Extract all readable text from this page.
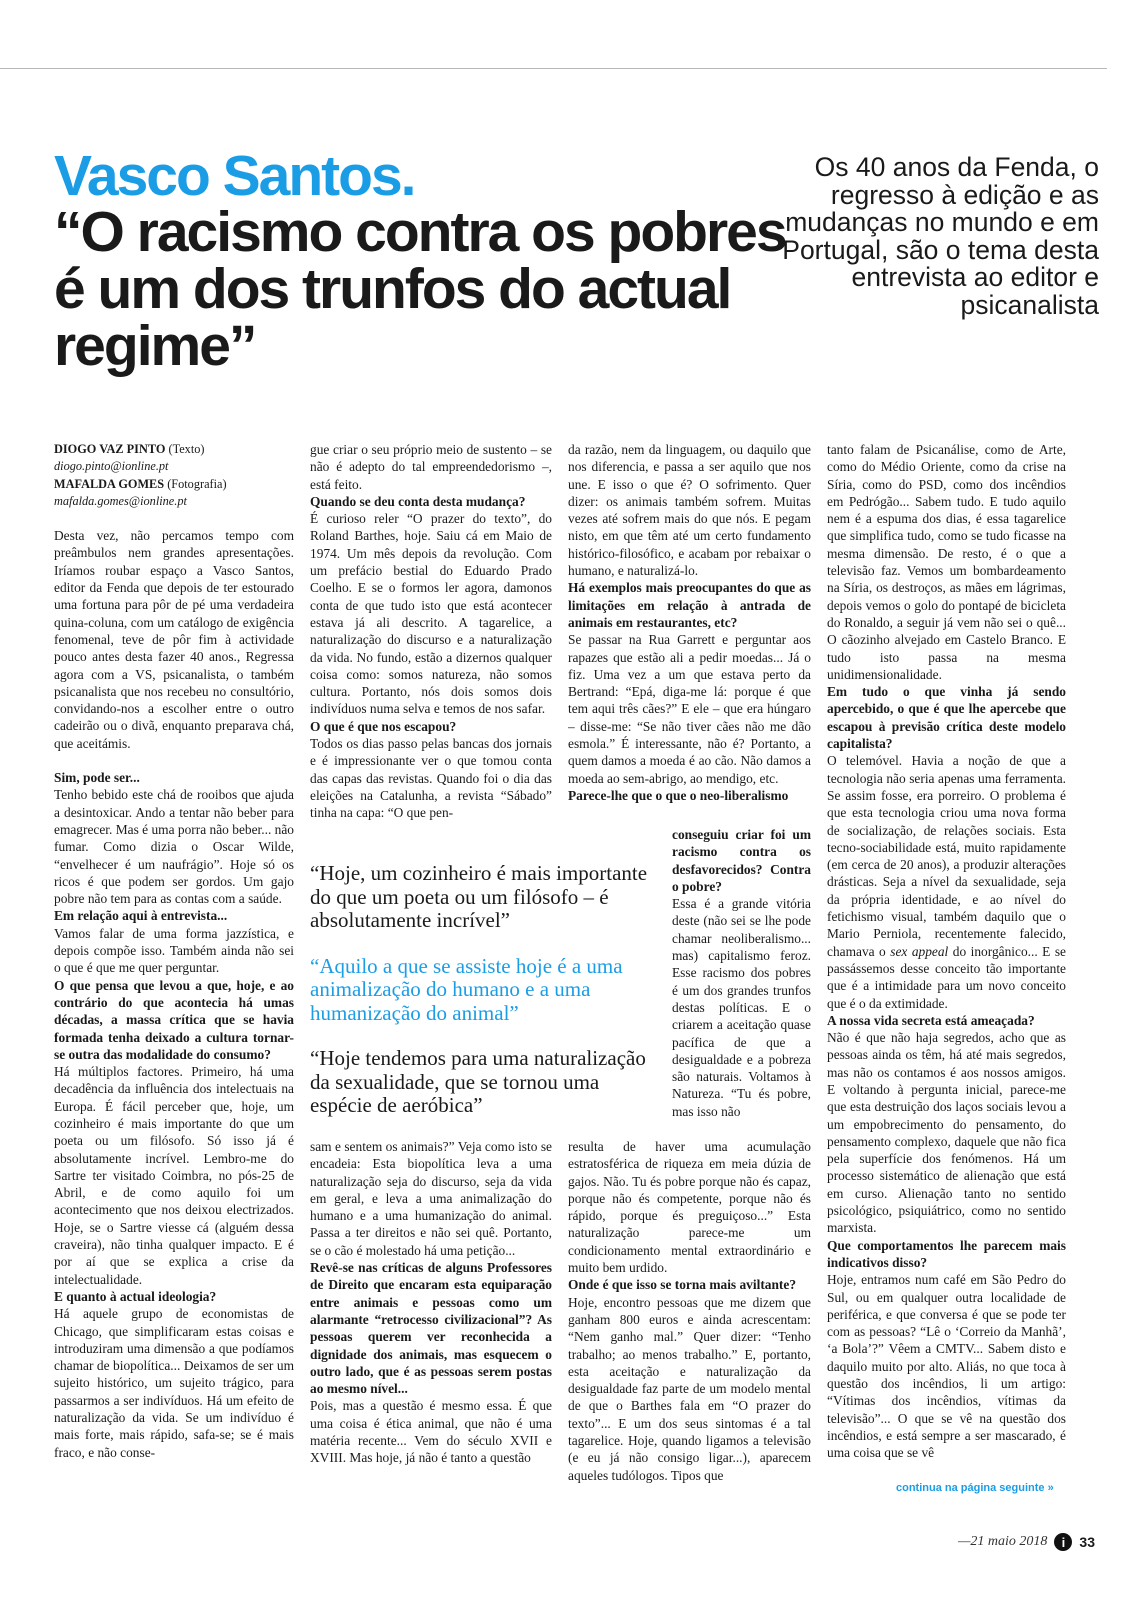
Vasco Santos.
“O racismo contra os pobres é um dos trunfos do actual regime”
Os 40 anos da Fenda, o regresso à edição e as mudanças no mundo e em Portugal, são o tema desta entrevista ao editor e psicanalista
DIOGO VAZ PINTO (Texto)
diogo.pinto@ionline.pt
MAFALDA GOMES (Fotografia)
mafalda.gomes@ionline.pt

Desta vez, não percamos tempo com preâmbulos nem grandes apresentações. Iríamos roubar espaço a Vasco Santos, editor da Fenda que depois de ter estourado uma fortuna para pôr de pé uma verdadeira quina-coluna, com um catálogo de exigência fenomenal, teve de pôr fim à actividade pouco antes desta fazer 40 anos., Regressa agora com a VS, psicanalista, o também psicanalista que nos recebeu no consultório, convidando-nos a escolher entre o outro cadeirão ou o divã, enquanto preparava chá, que aceitámis.

Sim, pode ser...

Tenho bebido este chá de rooibos que ajuda a desintoxicar. Ando a tentar não beber para emagrecer. Mas é uma porra não beber... não fumar. Como dizia o Oscar Wilde, “envelhecer é um naufrágio”. Hoje só os ricos é que podem ser gordos. Um gajo pobre não tem para as contas com a saúde.

Em relação aqui à entrevista...

Vamos falar de uma forma jazzística, e depois compõe isso. Também ainda não sei o que é que me quer perguntar.

O que pensa que levou a que, hoje, e ao contrário do que acontecia há umas décadas, a massa crítica que se havia formada tenha deixado a cultura tornar-se outra das modalidade do consumo?

Há múltiplos factores. Primeiro, há uma decadência da influência dos intelectuais na Europa. É fácil perceber que, hoje, um cozinheiro é mais importante do que um poeta ou um filósofo. Só isso já é absolutamente incrível. Lembro-me do Sartre ter visitado Coimbra, no pós-25 de Abril, e de como aquilo foi um acontecimento que nos deixou electrizados. Hoje, se o Sartre viesse cá (alguém dessa craveira), não tinha qualquer impacto. E é por aí que se explica a crise da intelectualidade.

E quanto à actual ideologia?

Há aquele grupo de economistas de Chicago, que simplificaram estas coisas e introduziram uma dimensão a que podíamos chamar de biopolítica... Deixamos de ser um sujeito histórico, um sujeito trágico, para passarmos a ser indivíduos. Há um efeito de naturalização da vida. Se um indivíduo é mais forte, mais rápido, safa-se; se é mais fraco, e não conse-

gue criar o seu próprio meio de sustento – se não é adepto do tal empreendedorismo –, está feito.

Quando se deu conta desta mudança?

É curioso reler “O prazer do texto”, do Roland Barthes, hoje. Saiu cá em Maio de 1974. Um mês depois da revolução. Com um prefácio bestial do Eduardo Prado Coelho. E se o formos ler agora, damonos conta de que tudo isto que está acontecer estava já ali descrito. A tagarelice, a naturalização do discurso e a naturalização da vida. No fundo, estão a dizernos qualquer coisa como: somos natureza, não somos cultura. Portanto, nós dois somos dois indivíduos numa selva e temos de nos safar.

O que é que nos escapou?

Todos os dias passo pelas bancas dos jornais e é impressionante ver o que tomou conta das capas das revistas. Quando foi o dia das eleições na Catalunha, a revista “Sábado” tinha na capa: “O que pen-

“Hoje, um cozinheiro é mais importante do que um poeta ou um filósofo – é absolutamente incrível”
“Aquilo a que se assiste hoje é a uma animalização do humano e a uma humanização do animal”
“Hoje tendemos para uma naturalização da sexualidade, que se tornou uma espécie de aeróbica”

sam e sentem os animais?” Veja como isto se encadeia: Esta biopolítica leva a uma naturalização seja do discurso, seja da vida em geral, e leva a uma animalização do humano e a uma humanização do animal. Passa a ter direitos e não sei quê. Portanto, se o cão é molestado há uma petição...

Revê-se nas críticas de alguns Professores de Direito que encaram esta equiparação entre animais e pessoas como um alarmante “retrocesso civilizacional”? As pessoas querem ver reconhecida a dignidade dos animais, mas esquecem o outro lado, que é as pessoas serem postas ao mesmo nível...

Pois, mas a questão é mesmo essa. É que uma coisa é ética animal, que não é uma matéria recente... Vem do século XVII e XVIII. Mas hoje, já não é tanto a questão

da razão, nem da linguagem, ou daquilo que nos diferencia, e passa a ser aquilo que nos une. E isso o que é? O sofrimento. Quer dizer: os animais também sofrem. Muitas vezes até sofrem mais do que nós. E pegam nisto, em que têm até um certo fundamento histórico-filosófico, e acabam por rebaixar o humano, e naturalizá-lo.

Há exemplos mais preocupantes do que as limitações em relação à antrada de animais em restaurantes, etc?

Se passar na Rua Garrett e perguntar aos rapazes que estão ali a pedir moedas... Já o fiz. Uma vez a um que estava perto da Bertrand: “Epá, diga-me lá: porque é que tem aqui três cães?” E ele – que era húngaro – disse-me: “Se não tiver cães não me dão esmola.” É interessante, não é? Portanto, a quem damos a moeda é ao cão. Não damos a moeda ao sem-abrigo, ao mendigo, etc.

Parece-lhe que o que o neo-liberalismo

conseguiu criar foi um racismo contra os desfavorecidos? Contra o pobre?

Essa é a grande vitória deste (não sei se lhe pode chamar neoliberalismo... mas) capitalismo feroz. Esse racismo dos pobres é um dos grandes trunfos destas políticas. E o criarem a aceitação quase pacífica de que a desigualdade e a pobreza são naturais. Voltamos à Natureza. “Tu és pobre, mas isso não

resulta de haver uma acumulação estratosférica de riqueza em meia dúzia de gajos. Não. Tu és pobre porque não és capaz, porque não és competente, porque não és rápido, porque és preguiçoso...” Esta naturalização parece-me um condicionamento mental extraordinário e muito bem urdido.

Onde é que isso se torna mais aviltante?

Hoje, encontro pessoas que me dizem que ganham 800 euros e ainda acrescentam: “Nem ganho mal.” Quer dizer: “Tenho trabalho; ao menos trabalho.” E, portanto, esta aceitação e naturalização da desigualdade faz parte de um modelo mental de que o Barthes fala em “O prazer do texto”... E um dos seus sintomas é a tal tagarelice. Hoje, quando ligamos a televisão (e eu já não consigo ligar...), aparecem aqueles tudólogos. Tipos que

tanto falam de Psicanálise, como de Arte, como do Médio Oriente, como da crise na Síria, como do PSD, como dos incêndios em Pedrógão... Sabem tudo. E tudo aquilo nem é a espuma dos dias, é essa tagarelice que simplifica tudo, como se tudo ficasse na mesma dimensão. De resto, é o que a televisão faz. Vemos um bombardeamento na Síria, os destroços, as mães em lágrimas, depois vemos o golo do pontapé de bicicleta do Ronaldo, a seguir já vem não sei o quê... O cãozinho alvejado em Castelo Branco. E tudo isto passa na mesma unidimensionalidade.

Em tudo o que vinha já sendo apercebido, o que é que lhe apercebe que escapou à previsão crítica deste modelo capitalista?

O telemóvel. Havia a noção de que a tecnologia não seria apenas uma ferramenta. Se assim fosse, era porreiro. O problema é que esta tecnologia criou uma nova forma de socialização, de relações sociais. Esta tecno-sociabilidade está, muito rapidamente (em cerca de 20 anos), a produzir alterações drásticas. Seja a nível da sexualidade, seja da própria identidade, e ao nível do fetichismo visual, também daquilo que o Mario Perniola, recentemente falecido, chamava o sex appeal do inorgânico... E se passássemos desse conceito tão importante que é a intimidade para um novo conceito que é o da extimidade.

A nossa vida secreta está ameaçada?

Não é que não haja segredos, acho que as pessoas ainda os têm, há até mais segredos, mas não os contamos é aos nossos amigos. E voltando à pergunta inicial, parece-me que esta destruição dos laços sociais levou a um empobrecimento do pensamento, do pensamento complexo, daquele que não fica pela superfície dos fenómenos. Há um processo sistemático de alienação que está em curso. Alienação tanto no sentido psicológico, psiquiátrico, como no sentido marxista.

Que comportamentos lhe parecem mais indicativos disso?

Hoje, entramos num café em São Pedro do Sul, ou em qualquer outra localidade de periférica, e que conversa é que se pode ter com as pessoas? “Lê o ‘Correio da Manhã’, ‘a Bola’?” Vêem a CMTV... Sabem disto e daquilo muito por alto. Aliás, no que toca à questão dos incêndios, li um artigo: “Vítimas dos incêndios, vítimas da televisão”... O que se vê na questão dos incêndios, e está sempre a ser mascarado, é uma coisa que se vê

continua na página seguinte »
—21 maio 2018	i	33
